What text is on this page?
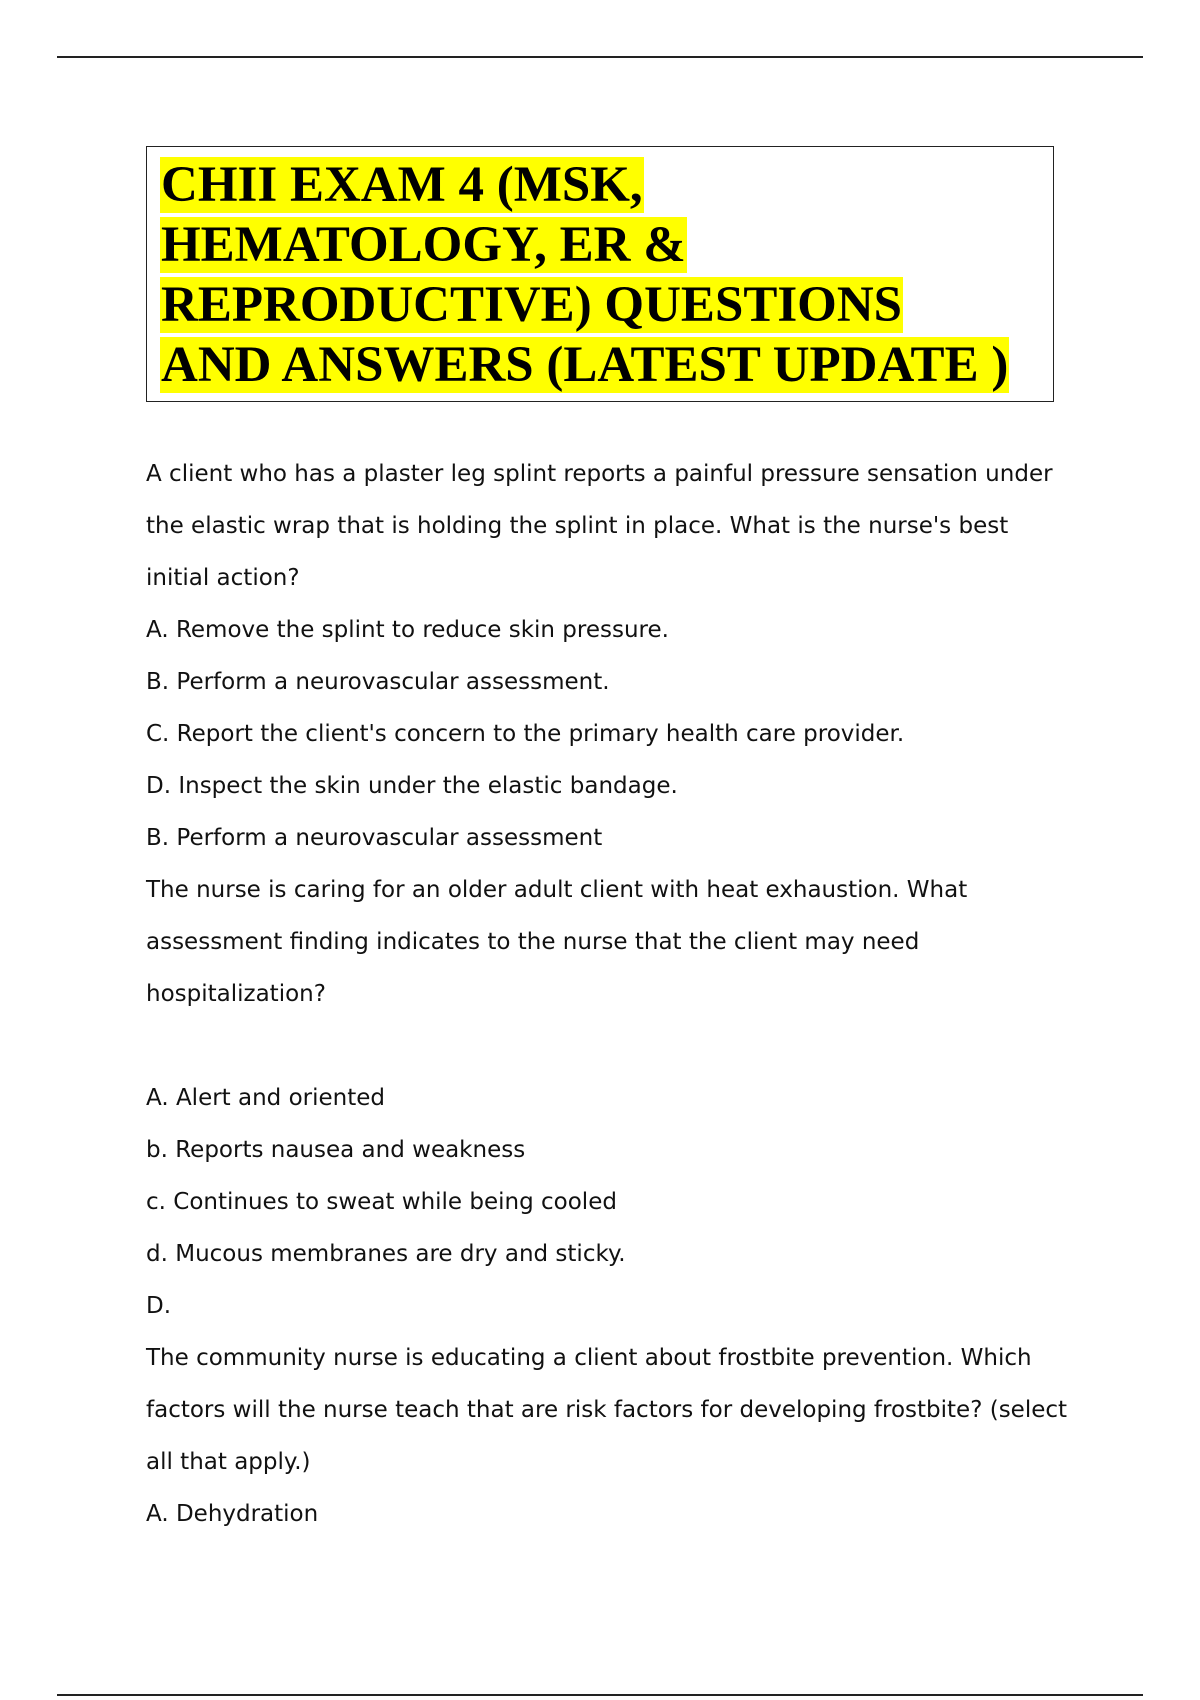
CHII EXAM 4 (MSK,
HEMATOLOGY, ER &
REPRODUCTIVE) QUESTIONS
AND ANSWERS (LATEST UPDATE )
A client who has a plaster leg splint reports a painful pressure sensation under
the elastic wrap that is holding the splint in place. What is the nurse's best
initial action?
A. Remove the splint to reduce skin pressure.
B. Perform a neurovascular assessment.
C. Report the client's concern to the primary health care provider.
D. Inspect the skin under the elastic bandage.
B. Perform a neurovascular assessment
The nurse is caring for an older adult client with heat exhaustion. What
assessment finding indicates to the nurse that the client may need
hospitalization?
A. Alert and oriented
b. Reports nausea and weakness
c. Continues to sweat while being cooled
d. Mucous membranes are dry and sticky.
D.
The community nurse is educating a client about frostbite prevention. Which
factors will the nurse teach that are risk factors for developing frostbite? (select
all that apply.)
A. Dehydration
